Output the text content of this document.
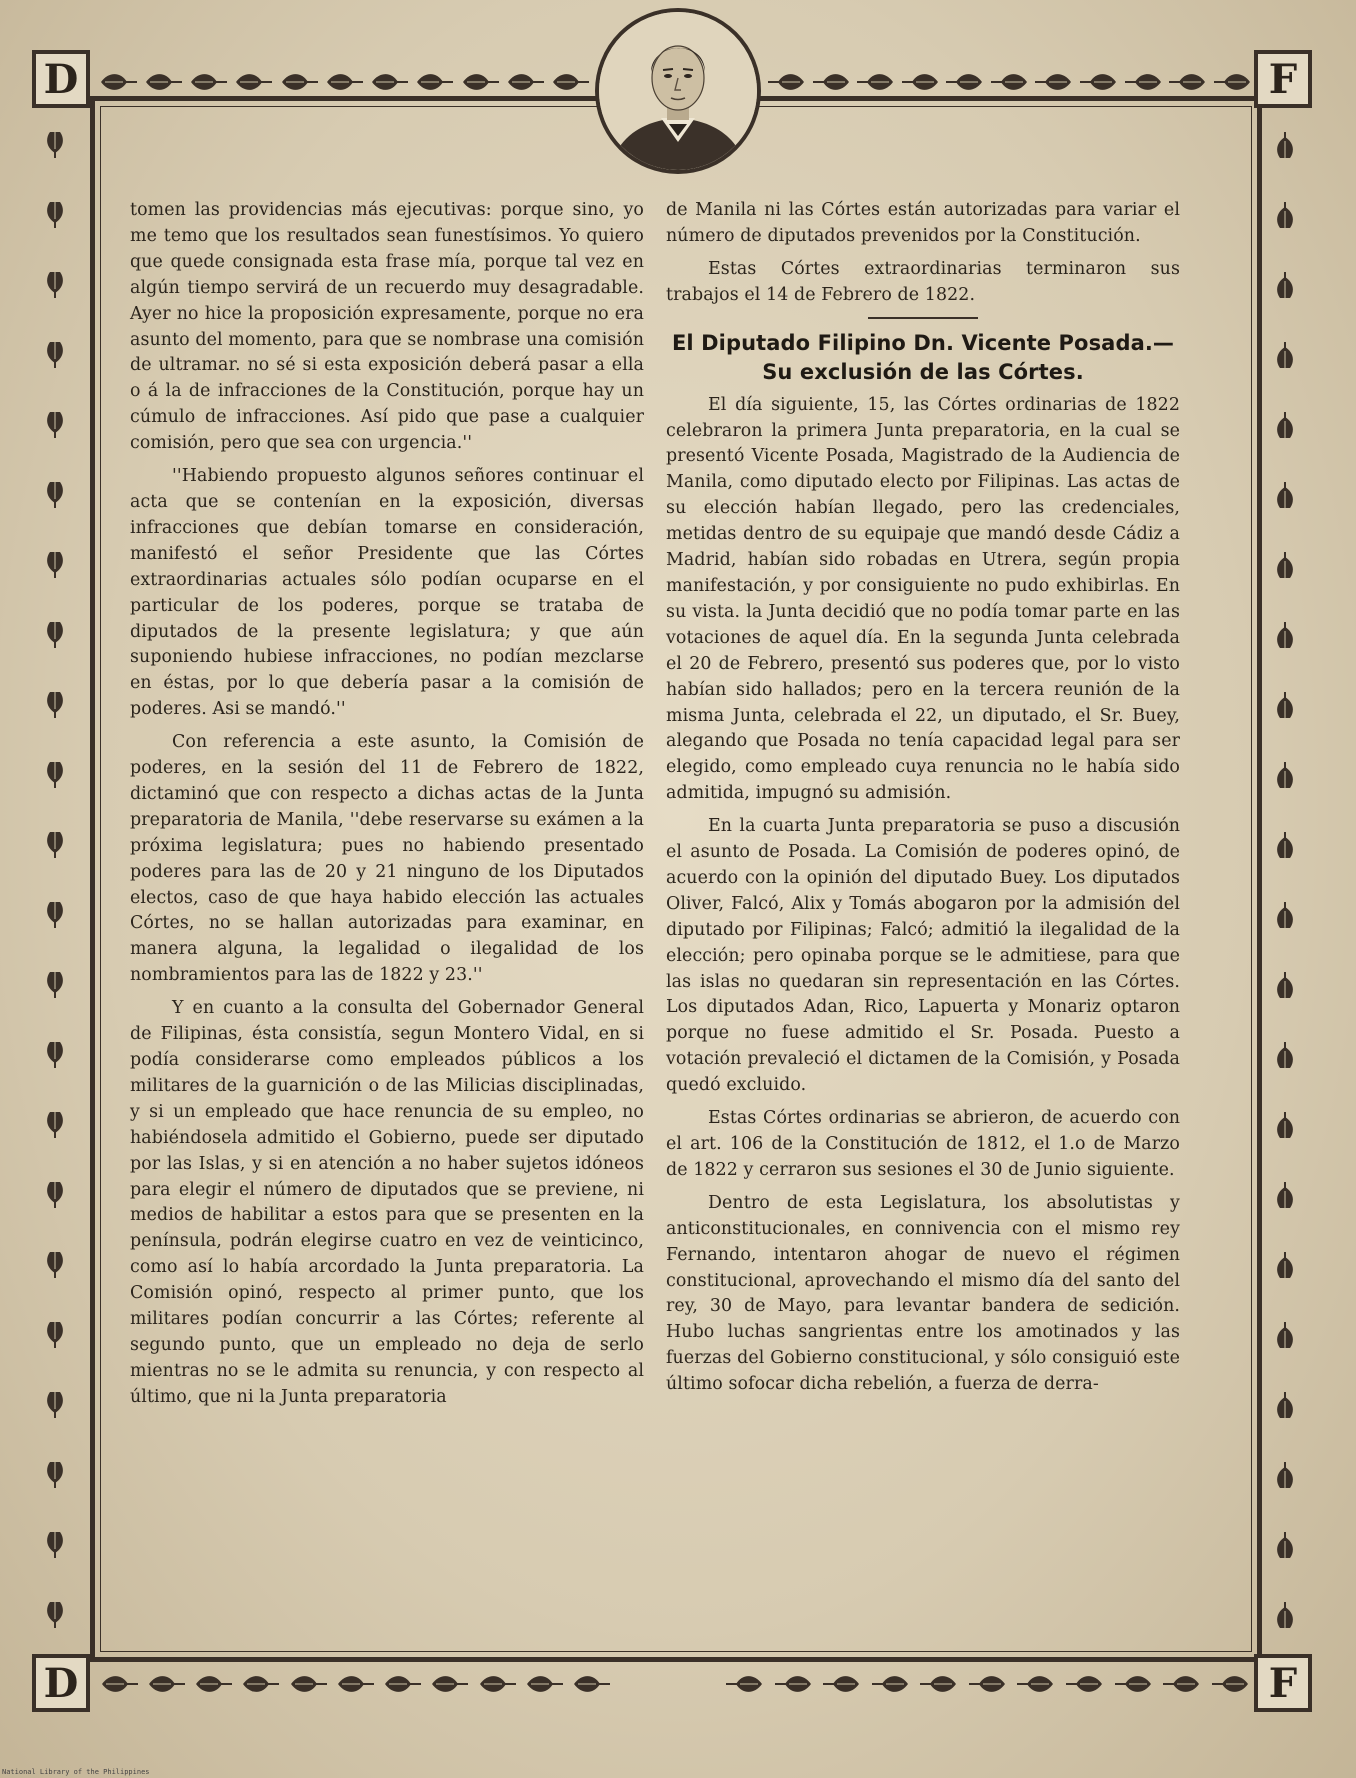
D	F
D	F

tomen las providencias más ejecutivas: porque sino, yo me temo que los resultados sean funestísimos. Yo quiero que quede consignada esta frase mía, porque tal vez en algún tiempo servirá de un recuerdo muy desagradable. Ayer no hice la proposición expresamente, porque no era asunto del momento, para que se nombrase una comisión de ultramar. no sé si esta exposición deberá pasar a ella o á la de infracciones de la Constitución, porque hay un cúmulo de infracciones. Así pido que pase a cualquier comisión, pero que sea con urgencia.''

''Habiendo propuesto algunos señores continuar el acta que se contenían en la exposición, diversas infracciones que debían tomarse en consideración, manifestó el señor Presidente que las Córtes extraordinarias actuales sólo podían ocuparse en el particular de los poderes, porque se trataba de diputados de la presente legislatura; y que aún suponiendo hubiese infracciones, no podían mezclarse en éstas, por lo que debería pasar a la comisión de poderes. Asi se mandó.''

Con referencia a este asunto, la Comisión de poderes, en la sesión del 11 de Febrero de 1822, dictaminó que con respecto a dichas actas de la Junta preparatoria de Manila, ''debe reservarse su exámen a la próxima legislatura; pues no habiendo presentado poderes para las de 20 y 21 ninguno de los Diputados electos, caso de que haya habido elección las actuales Córtes, no se hallan autorizadas para examinar, en manera alguna, la legalidad o ilegalidad de los nombramientos para las de 1822 y 23.''

Y en cuanto a la consulta del Gobernador General de Filipinas, ésta consistía, segun Montero Vidal, en si podía considerarse como empleados públicos a los militares de la guarnición o de las Milicias disciplinadas, y si un empleado que hace renuncia de su empleo, no habiéndosela admitido el Gobierno, puede ser diputado por las Islas, y si en atención a no haber sujetos idóneos para elegir el número de diputados que se previene, ni medios de habilitar a estos para que se presenten en la península, podrán elegirse cuatro en vez de veinticinco, como así lo había arcordado la Junta preparatoria. La Comisión opinó, respecto al primer punto, que los militares podían concurrir a las Córtes; referente al segundo punto, que un empleado no deja de serlo mientras no se le admita su renuncia, y con respecto al último, que ni la Junta preparatoria

de Manila ni las Córtes están autorizadas para variar el número de diputados prevenidos por la Constitución.

Estas Córtes extraordinarias terminaron sus trabajos el 14 de Febrero de 1822.

El Diputado Filipino Dn. Vicente Posada.—
Su exclusión de las Córtes.

El día siguiente, 15, las Córtes ordinarias de 1822 celebraron la primera Junta preparatoria, en la cual se presentó Vicente Posada, Magistrado de la Audiencia de Manila, como diputado electo por Filipinas. Las actas de su elección habían llegado, pero las credenciales, metidas dentro de su equipaje que mandó desde Cádiz a Madrid, habían sido robadas en Utrera, según propia manifestación, y por consiguiente no pudo exhibirlas. En su vista. la Junta decidió que no podía tomar parte en las votaciones de aquel día. En la segunda Junta celebrada el 20 de Febrero, presentó sus poderes que, por lo visto habían sido hallados; pero en la tercera reunión de la misma Junta, celebrada el 22, un diputado, el Sr. Buey, alegando que Posada no tenía capacidad legal para ser elegido, como empleado cuya renuncia no le había sido admitida, impugnó su admisión.

En la cuarta Junta preparatoria se puso a discusión el asunto de Posada. La Comisión de poderes opinó, de acuerdo con la opinión del diputado Buey. Los diputados Oliver, Falcó, Alix y Tomás abogaron por la admisión del diputado por Filipinas; Falcó; admitió la ilegalidad de la elección; pero opinaba porque se le admitiese, para que las islas no quedaran sin representación en las Córtes. Los diputados Adan, Rico, Lapuerta y Monariz optaron porque no fuese admitido el Sr. Posada. Puesto a votación prevaleció el dictamen de la Comisión, y Posada quedó excluido.

Estas Córtes ordinarias se abrieron, de acuerdo con el art. 106 de la Constitución de 1812, el 1.o de Marzo de 1822 y cerraron sus sesiones el 30 de Junio siguiente.

Dentro de esta Legislatura, los absolutistas y anticonstitucionales, en connivencia con el mismo rey Fernando, intentaron ahogar de nuevo el régimen constitucional, aprovechando el mismo día del santo del rey, 30 de Mayo, para levantar bandera de sedición. Hubo luchas sangrientas entre los amotinados y las fuerzas del Gobierno constitucional, y sólo consiguió este último sofocar dicha rebelión, a fuerza de derra-

National Library of the Philippines
